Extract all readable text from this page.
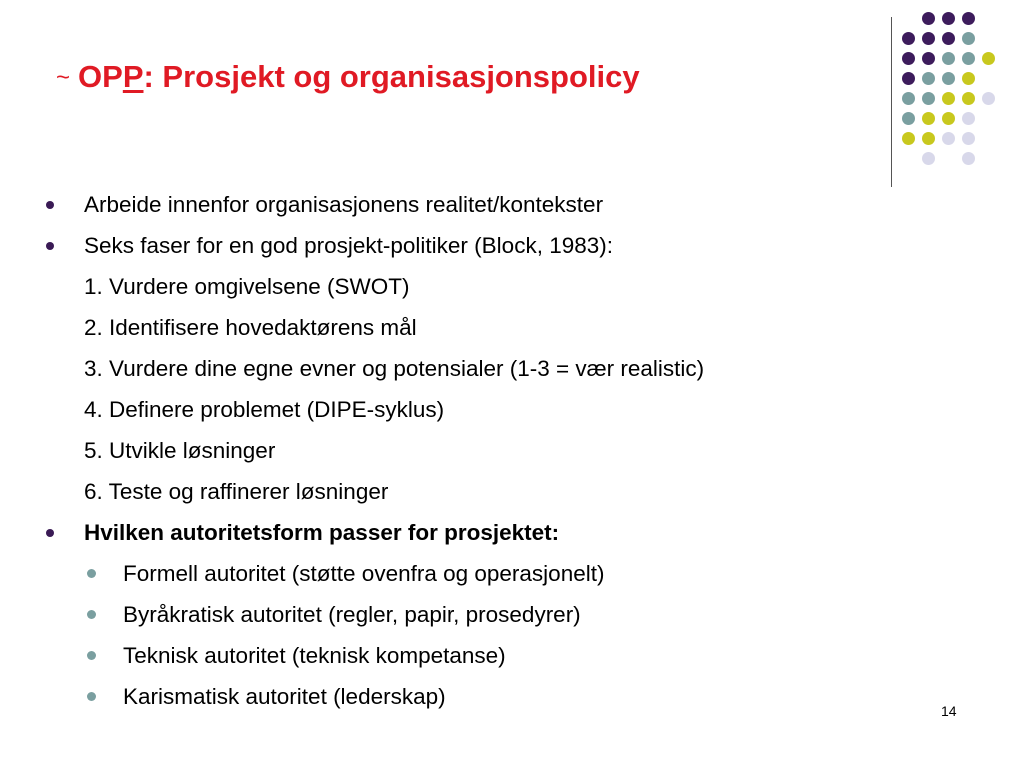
~ OPP: Prosjekt og organisasjonspolicy
Arbeide innenfor organisasjonens realitet/kontekster
Seks faser for en god prosjekt-politiker (Block, 1983):
1. Vurdere omgivelsene (SWOT)
2. Identifisere hovedaktørens mål
3. Vurdere dine egne evner og potensialer (1-3 = vær realistic)
4. Definere problemet (DIPE-syklus)
5. Utvikle løsninger
6. Teste og raffinerer løsninger
Hvilken autoritetsform passer for prosjektet:
Formell autoritet (støtte ovenfra og operasjonelt)
Byråkratisk autoritet (regler, papir, prosedyrer)
Teknisk autoritet (teknisk kompetanse)
Karismatisk autoritet (lederskap)
14
